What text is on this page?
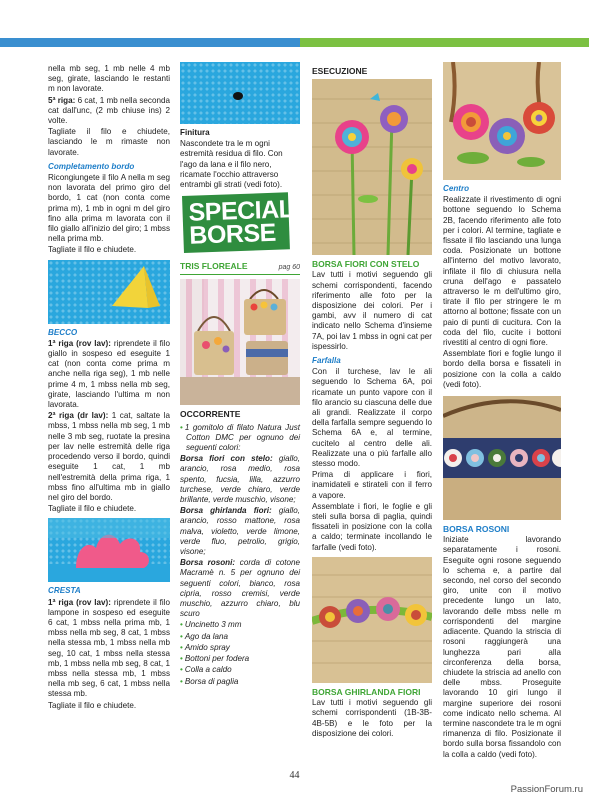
nella mb seg, 1 mb nelle 4 mb seg, girate, lasciando le restanti m non lavorate.

5ª riga: 6 cat, 1 mb nella seconda cat dall'unc, (2 mb chiuse ins) 2 volte.

Tagliate il filo e chiudete, lasciando le m rimaste non lavorate.

Completamento bordo

Ricongiungete il filo A nella m seg non lavorata del primo giro del bordo, 1 cat (non conta come prima m), 1 mb in ogni m del giro fino alla prima m lavorata con il filo giallo all'inizio del giro; 1 mbss nella prima mb.

Tagliate il filo e chiudete.

BECCO

1ª riga (rov lav): riprendete il filo giallo in sospeso ed eseguite 1 cat (non conta come prima m anche nella riga seg), 1 mb nelle prime 4 m, 1 mbss nella mb seg, girate, lasciando l'ultima m non lavorata.

2ª riga (dr lav): 1 cat, saltate la mbss, 1 mbss nella mb seg, 1 mb nelle 3 mb seg, ruotate la presina per lav nelle estremità delle riga procedendo verso il bordo, quindi eseguite 1 cat, 1 mb nell'estremità della prima riga, 1 mbss fino all'ultima mb in giallo nel giro del bordo.

Tagliate il filo e chiudete.

CRESTA

1ª riga (rov lav): riprendete il filo lampone in sospeso ed eseguite 6 cat, 1 mbss nella prima mb, 1 mbss nella mb seg, 8 cat, 1 mbss nella stessa mb, 1 mbss nella mb seg, 10 cat, 1 mbss nella stessa mb, 1 mbss nella mb seg, 8 cat, 1 mbss nella stessa mb, 1 mbss nella mb seg, 6 cat, 1 mbss nella stessa mb.

Tagliate il filo e chiudete.

Finitura

Nascondete tra le m ogni estremità residua di filo. Con l'ago da lana e il filo nero, ricamate l'occhio attraverso entrambi gli strati (vedi foto).

SPECIALE
BORSE
TRIS FLOREALE	pag 60

OCCORRENTE

• 1 gomitolo di filato Natura Just Cotton DMC per ognuno dei seguenti colori:

Borsa fiori con stelo: giallo, arancio, rosa medio, rosa spento, fucsia, lilla, azzurro turchese, verde chiaro, verde brillante, verde muschio, visone;

Borsa ghirlanda fiori: giallo, arancio, rosso mattone, rosa malva, violetto, verde limone, verde fluo, petrolio, grigio, visone;

Borsa rosoni: corda di cotone Macramè n. 5 per ognuno dei seguenti colori, bianco, rosa cipria, rosso cremisi, verde muschio, azzurro chiaro, blu scuro

• Uncinetto 3 mm

• Ago da lana

• Amido spray

• Bottoni per fodera

• Colla a caldo

• Borsa di paglia

ESECUZIONE

BORSA FIORI CON STELO

Lav tutti i motivi seguendo gli schemi corrispondenti, facendo riferimento alle foto per la disposizione dei colori. Per i gambi, avv il numero di cat indicato nello Schema d'insieme 7A, poi lav 1 mbss in ogni cat per ispessirlo.

Farfalla

Con il turchese, lav le ali seguendo lo Schema 6A, poi ricamate un punto vapore con il filo arancio su ciascuna delle due ali grandi. Realizzate il corpo della farfalla sempre seguendo lo Schema 6A e, al termine, cucitelo al centro delle ali. Realizzate una o più farfalle allo stesso modo.

Prima di applicare i fiori, inamidateli e stirateli con il ferro a vapore.

Assemblate i fiori, le foglie e gli steli sulla borsa di paglia, quindi fissateli in posizione con la colla a caldo; terminate incollando le farfalle (vedi foto).

BORSA GHIRLANDA FIORI

Lav tutti i motivi seguendo gli schemi corrispondenti (1B-3B-4B-5B) e le foto per la disposizione dei colori.

Centro

Realizzate il rivestimento di ogni bottone seguendo lo Schema 2B, facendo riferimento alle foto per i colori. Al termine, tagliate e fissate il filo lasciando una lunga coda. Posizionate un bottone all'interno del motivo lavorato, infilate il filo di chiusura nella cruna dell'ago e passatelo attraverso le m dell'ultimo giro, tirate il filo per stringere le m attorno al bottone; fissate con un paio di punti di cucitura. Con la coda del filo, cucite i bottoni rivestiti al centro di ogni fiore.

Assemblate fiori e foglie lungo il bordo della borsa e fissateli in posizione con la colla a caldo (vedi foto).

BORSA ROSONI

Iniziate lavorando separatamente i rosoni. Eseguite ogni rosone seguendo lo schema e, a partire dal secondo, nel corso del secondo giro, unite con il motivo precedente lungo un lato, lavorando delle mbss nelle m corrispondenti del margine adiacente. Quando la striscia di rosoni raggiungerà una lunghezza pari alla circonferenza della borsa, chiudete la striscia ad anello con delle mbss. Proseguite lavorando 10 giri lungo il margine superiore dei rosoni come indicato nello schema. Al termine nascondete tra le m ogni rimanenza di filo. Posizionate il bordo sulla borsa fissandolo con la colla a caldo (vedi foto).

44
PassionForum.ru
